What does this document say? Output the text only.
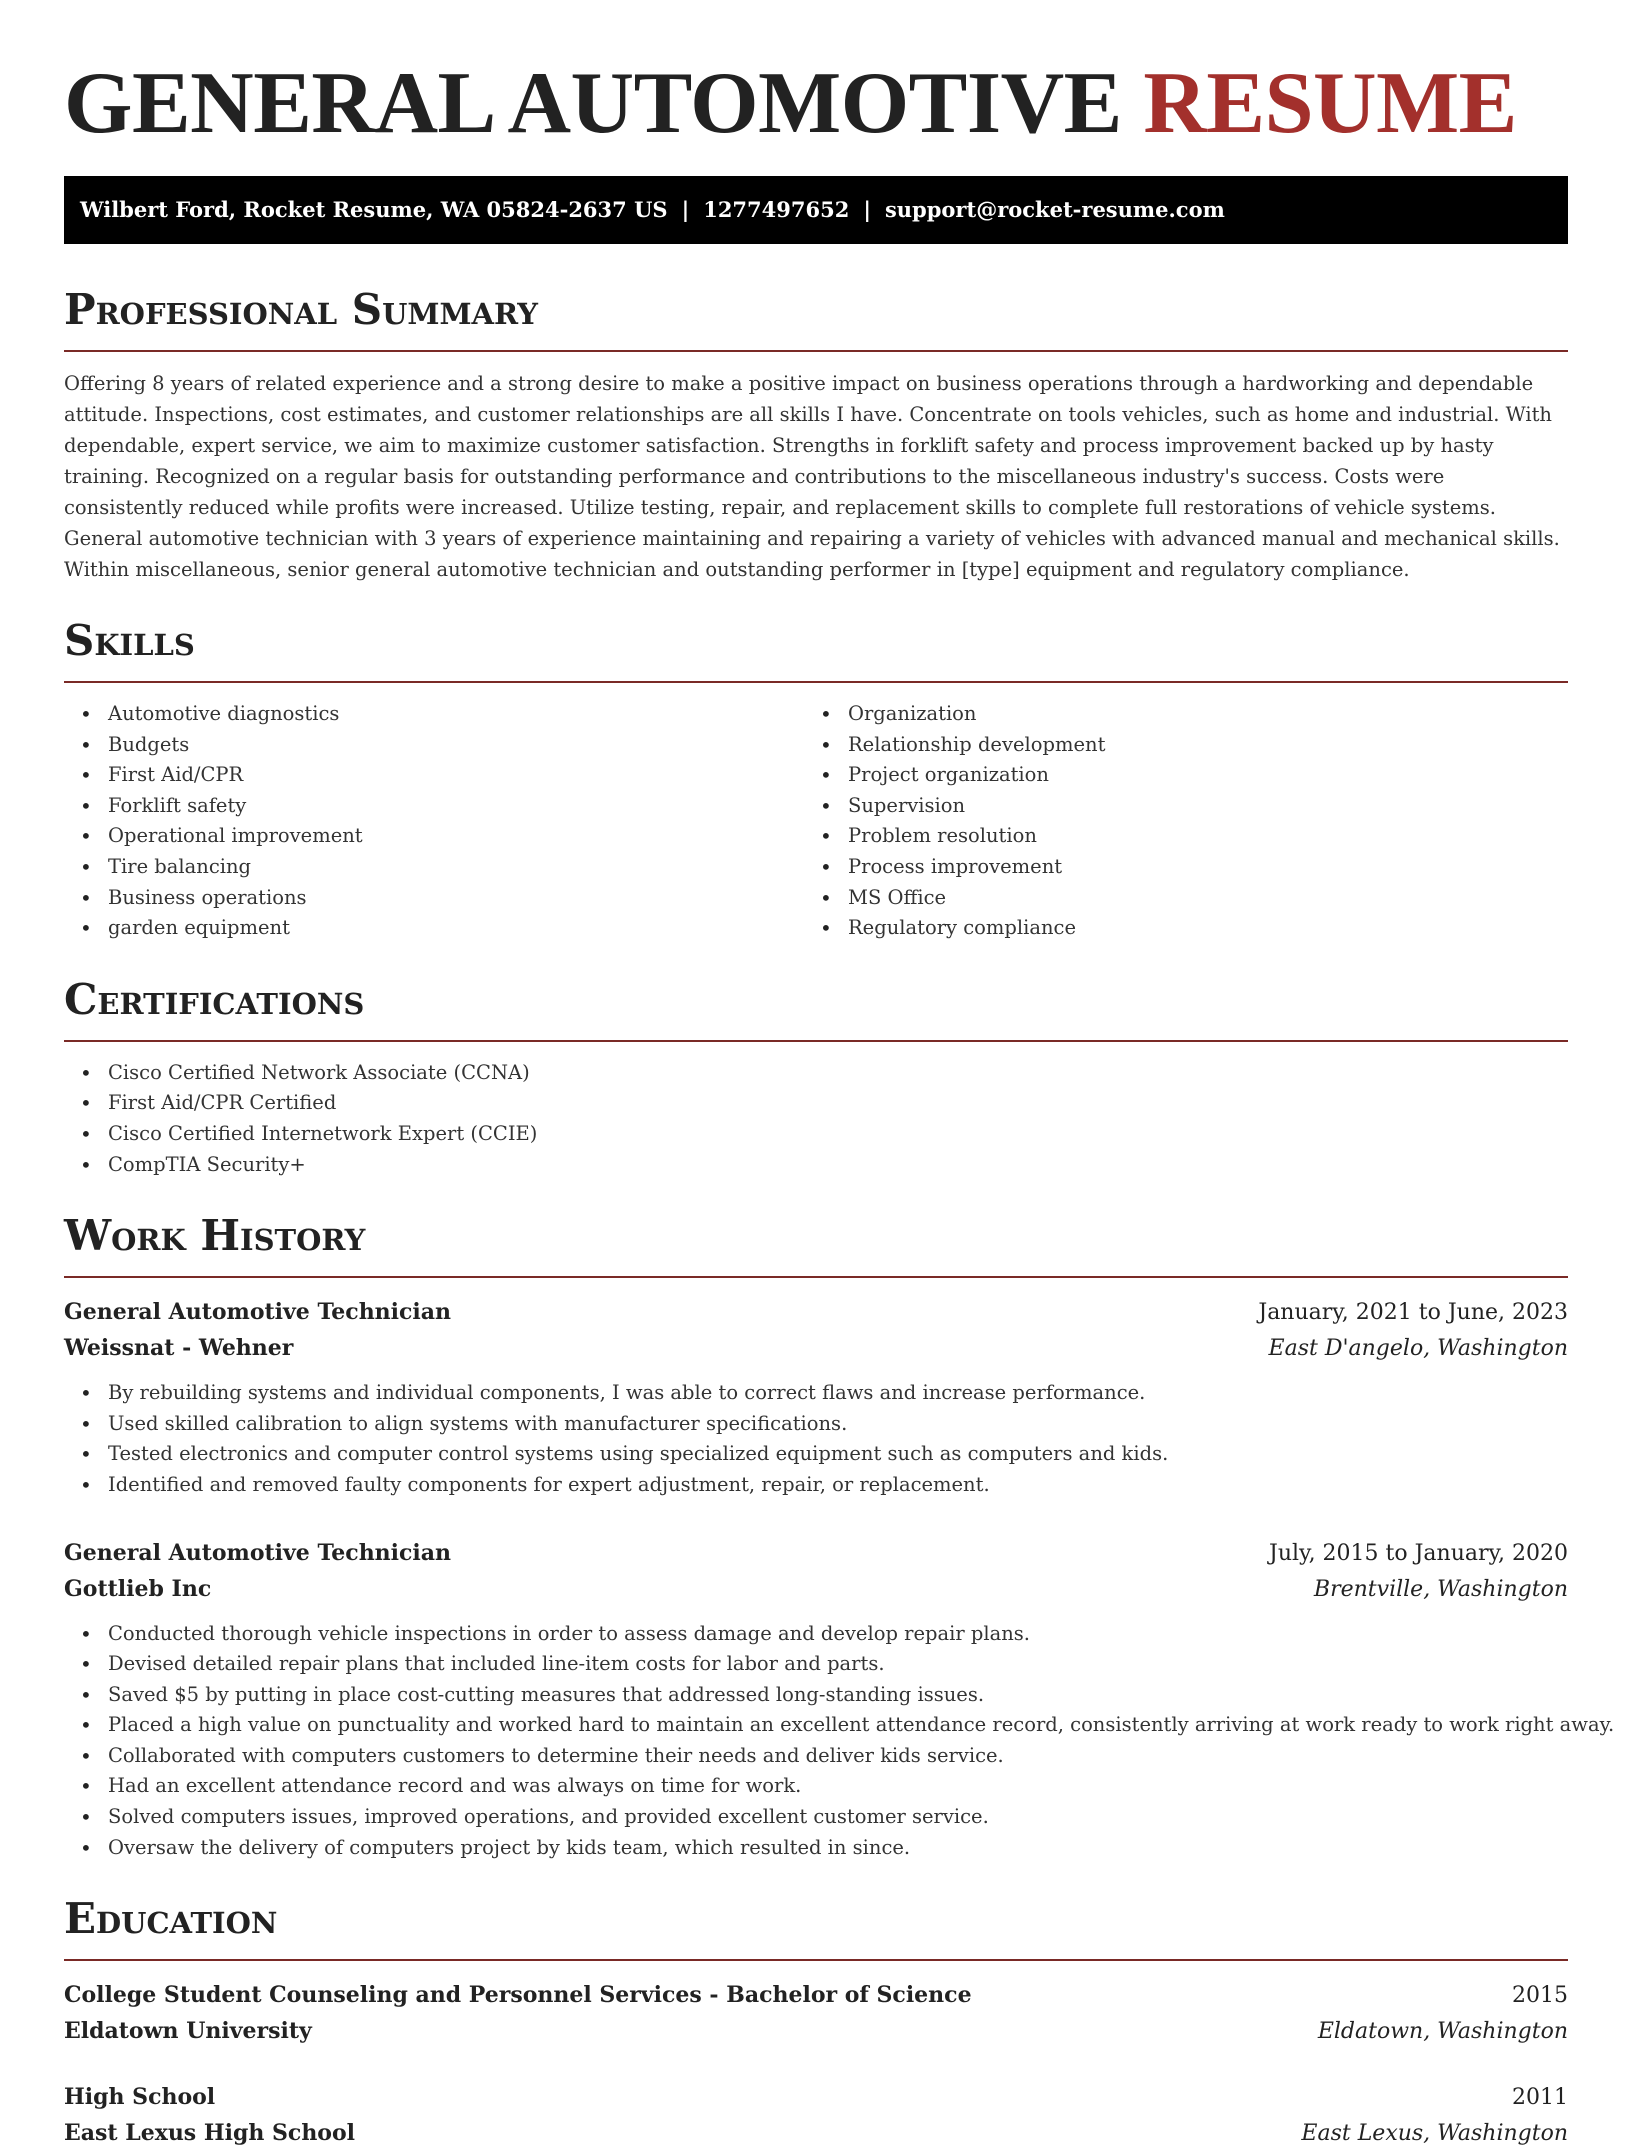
GENERAL AUTOMOTIVE RESUME
Wilbert Ford, Rocket Resume, WA 05824-2637 US | 1277497652 | support@rocket-resume.com
Professional Summary

Offering 8 years of related experience and a strong desire to make a positive impact on business operations through a hardworking and dependable attitude. Inspections, cost estimates, and customer relationships are all skills I have. Concentrate on tools vehicles, such as home and industrial. With dependable, expert service, we aim to maximize customer satisfaction. Strengths in forklift safety and process improvement backed up by hasty training. Recognized on a regular basis for outstanding performance and contributions to the miscellaneous industry's success. Costs were consistently reduced while profits were increased. Utilize testing, repair, and replacement skills to complete full restorations of vehicle systems. General automotive technician with 3 years of experience maintaining and repairing a variety of vehicles with advanced manual and mechanical skills. Within miscellaneous, senior general automotive technician and outstanding performer in [type] equipment and regulatory compliance.

Skills
• Automotive diagnostics
• Budgets
• First Aid/CPR
• Forklift safety
• Operational improvement
• Tire balancing
• Business operations
• garden equipment
• Organization
• Relationship development
• Project organization
• Supervision
• Problem resolution
• Process improvement
• MS Office
• Regulatory compliance
Certifications
• Cisco Certified Network Associate (CCNA)
• First Aid/CPR Certified
• Cisco Certified Internetwork Expert (CCIE)
• CompTIA Security+
Work History
General Automotive Technician	January, 2021 to June, 2023
Weissnat - Wehner	East D'angelo, Washington
• By rebuilding systems and individual components, I was able to correct flaws and increase performance.
• Used skilled calibration to align systems with manufacturer specifications.
• Tested electronics and computer control systems using specialized equipment such as computers and kids.
• Identified and removed faulty components for expert adjustment, repair, or replacement.
General Automotive Technician	July, 2015 to January, 2020
Gottlieb Inc	Brentville, Washington
• Conducted thorough vehicle inspections in order to assess damage and develop repair plans.
• Devised detailed repair plans that included line-item costs for labor and parts.
• Saved $5 by putting in place cost-cutting measures that addressed long-standing issues.
• Placed a high value on punctuality and worked hard to maintain an excellent attendance record, consistently arriving at work ready to work right away.
• Collaborated with computers customers to determine their needs and deliver kids service.
• Had an excellent attendance record and was always on time for work.
• Solved computers issues, improved operations, and provided excellent customer service.
• Oversaw the delivery of computers project by kids team, which resulted in since.
Education
College Student Counseling and Personnel Services - Bachelor of Science	2015
Eldatown University	Eldatown, Washington
High School	2011
East Lexus High School	East Lexus, Washington
